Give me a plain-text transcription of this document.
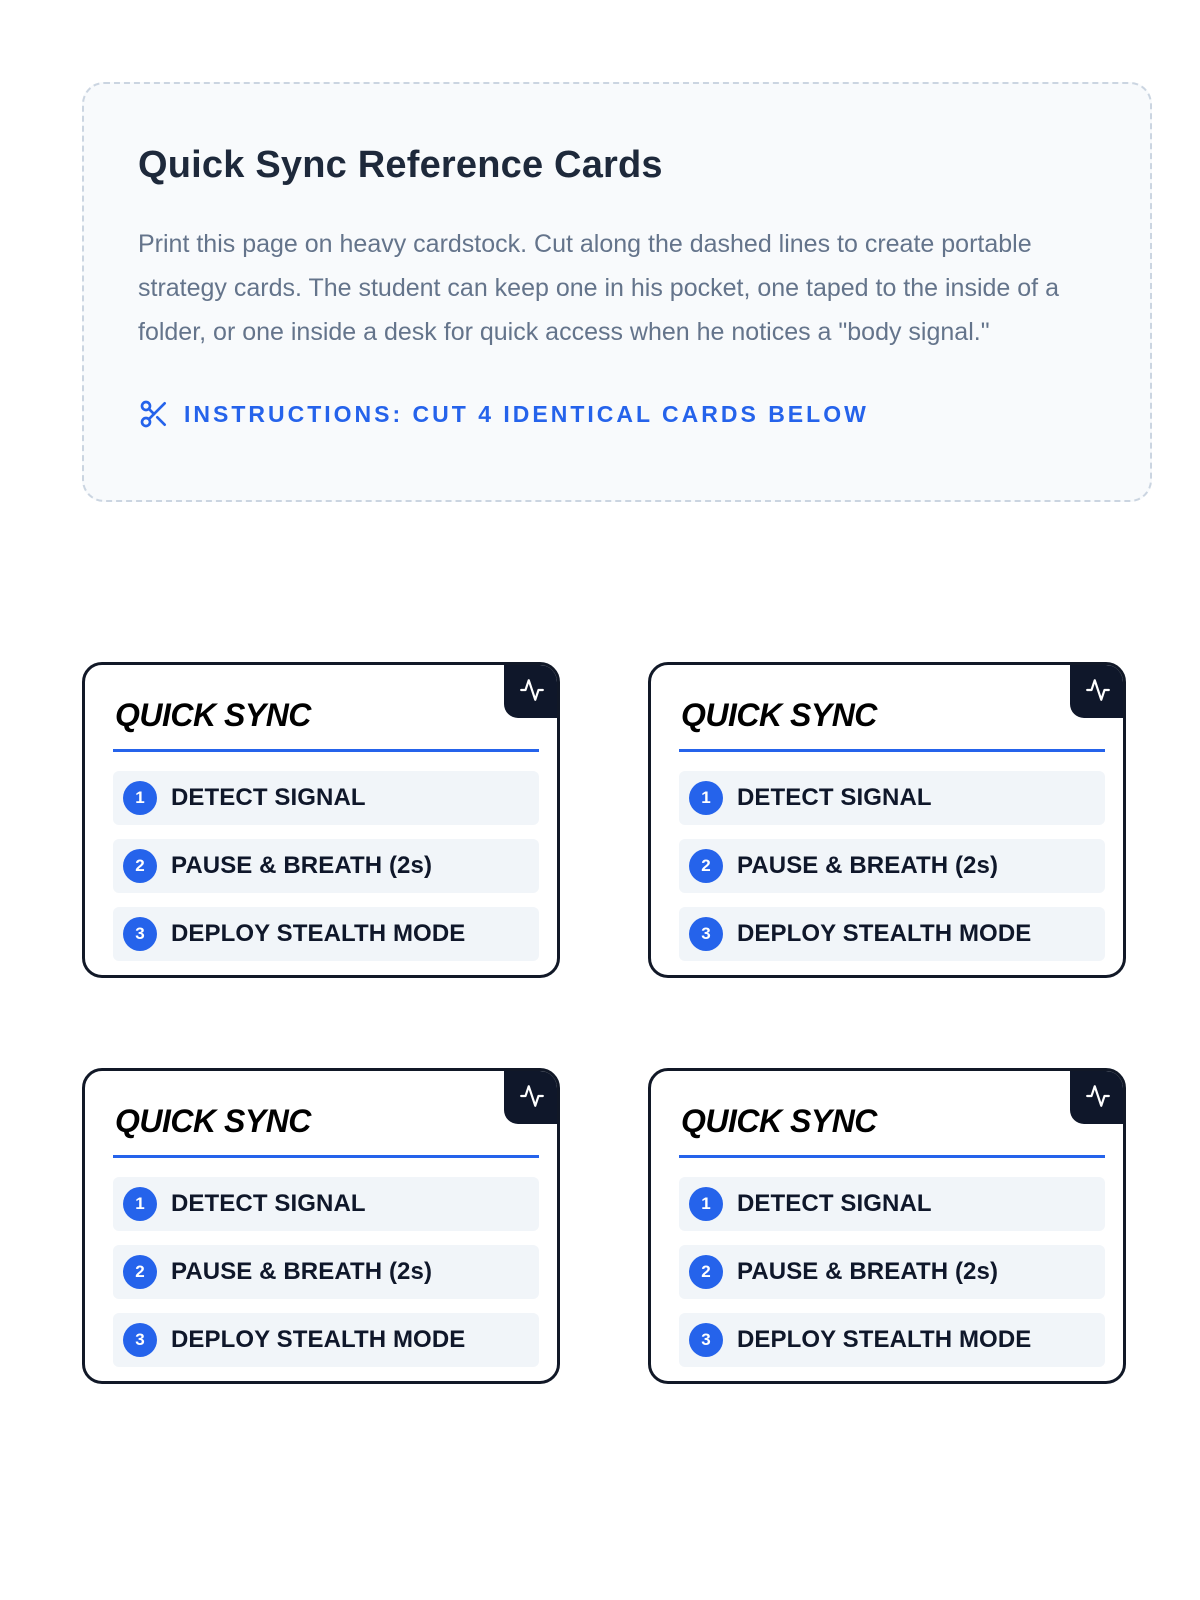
Quick Sync Reference Cards

Print this page on heavy cardstock. Cut along the dashed lines to create portable strategy cards. The student can keep one in his pocket, one taped to the inside of a folder, or one inside a desk for quick access when he notices a "body signal."

INSTRUCTIONS: CUT 4 IDENTICAL CARDS BELOW
QUICK SYNC
1	DETECT SIGNAL
2	PAUSE & BREATH (2s)
3	DEPLOY STEALTH MODE
QUICK SYNC
1	DETECT SIGNAL
2	PAUSE & BREATH (2s)
3	DEPLOY STEALTH MODE
QUICK SYNC
1	DETECT SIGNAL
2	PAUSE & BREATH (2s)
3	DEPLOY STEALTH MODE
QUICK SYNC
1	DETECT SIGNAL
2	PAUSE & BREATH (2s)
3	DEPLOY STEALTH MODE
